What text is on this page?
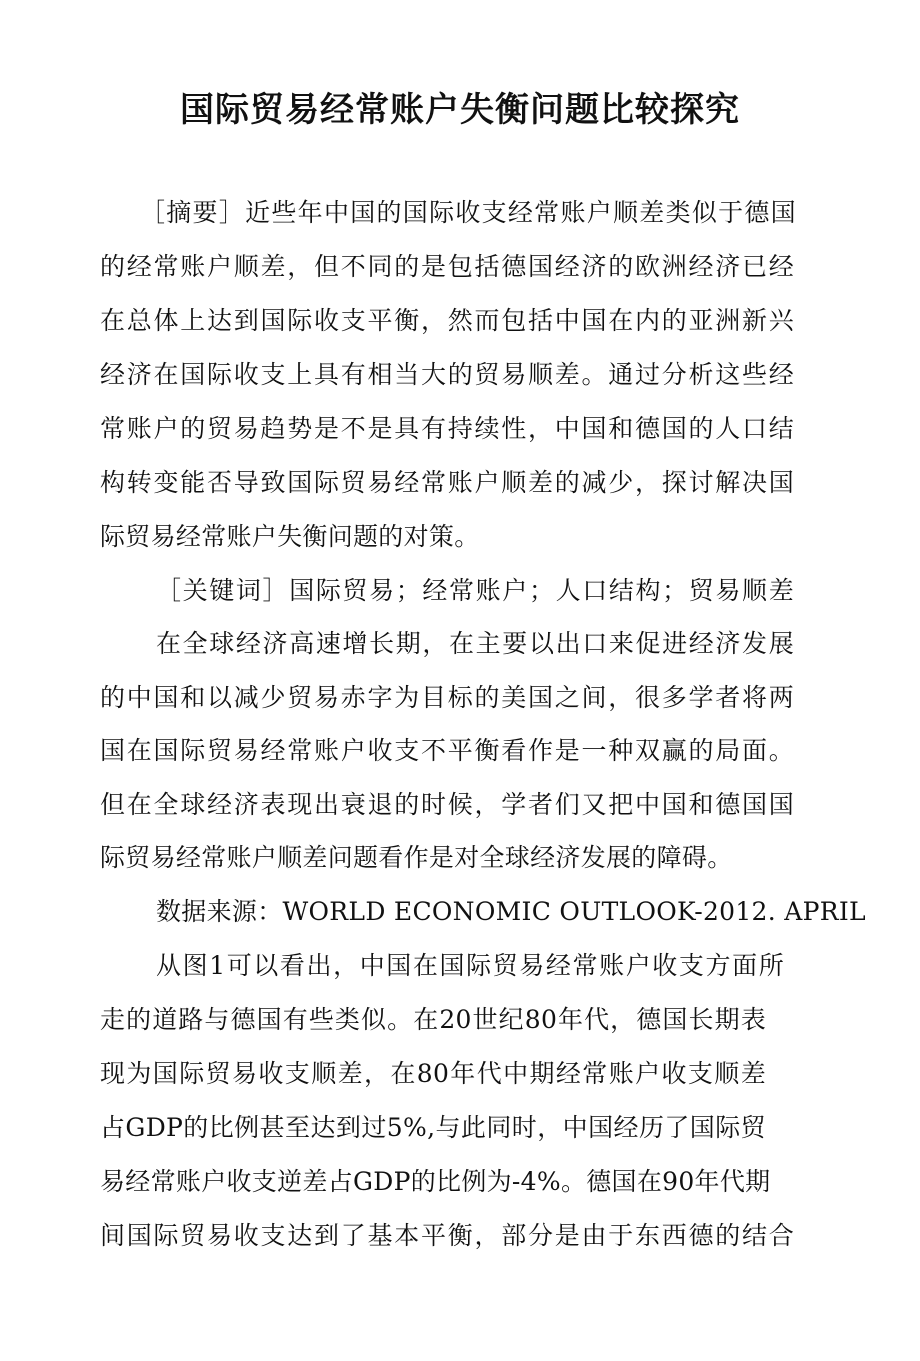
国际贸易经常账户失衡问题比较探究

［摘要］近些年中国的国际收支经常账户顺差类似于德国

的经常账户顺差，但不同的是包括德国经济的欧洲经济已经

在总体上达到国际收支平衡，然而包括中国在内的亚洲新兴

经济在国际收支上具有相当大的贸易顺差。通过分析这些经

常账户的贸易趋势是不是具有持续性，中国和德国的人口结

构转变能否导致国际贸易经常账户顺差的减少，探讨解决国

际贸易经常账户失衡问题的对策。

［关键词］国际贸易；经常账户；人口结构；贸易顺差

在全球经济高速增长期，在主要以出口来促进经济发展

的中国和以减少贸易赤字为目标的美国之间，很多学者将两

国在国际贸易经常账户收支不平衡看作是一种双赢的局面。

但在全球经济表现出衰退的时候，学者们又把中国和德国国

际贸易经常账户顺差问题看作是对全球经济发展的障碍。

数据来源：WORLD ECONOMIC OUTLOOK-2012. APRIL

从图1可以看出，中国在国际贸易经常账户收支方面所

走的道路与德国有些类似。在20世纪80年代，德国长期表

现为国际贸易收支顺差，在80年代中期经常账户收支顺差

占GDP的比例甚至达到过5%,与此同时，中国经历了国际贸

易经常账户收支逆差占GDP的比例为-4%。德国在90年代期

间国际贸易收支达到了基本平衡，部分是由于东西德的结合
